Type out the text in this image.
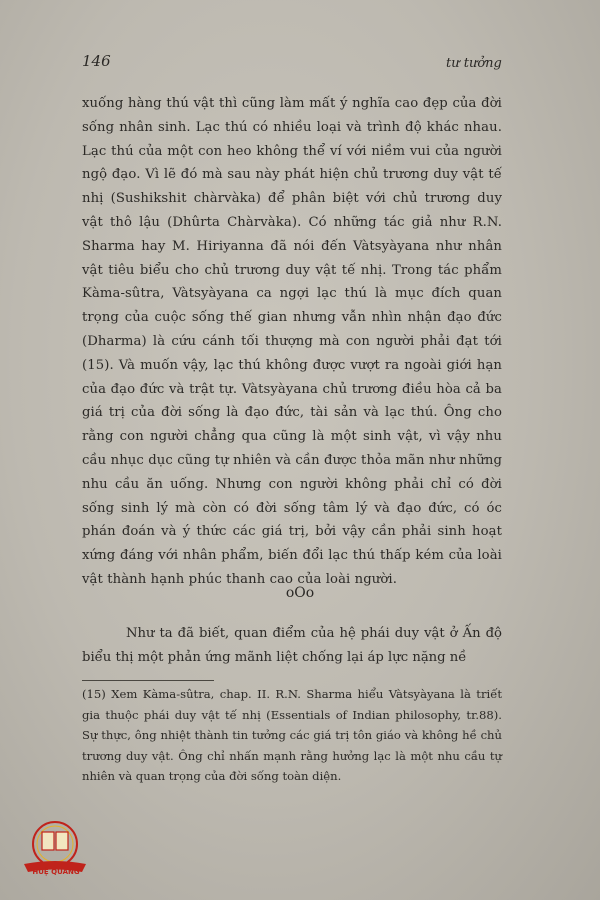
146	tư tưởng

xuống hàng thú vật thì cũng làm mất ý nghĩa cao đẹp của đời sống nhân sinh. Lạc thú có nhiều loại và trình độ khác nhau. Lạc thú của một con heo không thể ví với niềm vui của người ngộ đạo. Vì lẽ đó mà sau này phát hiện chủ trương duy vật tế nhị (Sushikshit chàrvàka) để phân biệt với chủ trương duy vật thô lậu (Dhûrta Chàrvàka). Có những tác giả như R.N. Sharma hay M. Hiriyanna đã nói đến Vàtsyàyana như nhân vật tiêu biểu cho chủ trương duy vật tế nhị. Trong tác phẩm Kàma-sûtra, Vàtsyàyana ca ngợi lạc thú là mục đích quan trọng của cuộc sống thế gian nhưng vẫn nhìn nhận đạo đức (Dharma) là cứu cánh tối thượng mà con người phải đạt tới (15). Và muốn vậy, lạc thú không được vượt ra ngoài giới hạn của đạo đức và trật tự. Vàtsyàyana chủ trương điều hòa cả ba giá trị của đời sống là đạo đức, tài sản và lạc thú. Ông cho rằng con người chẳng qua cũng là một sinh vật, vì vậy nhu cầu nhục dục cũng tự nhiên và cần được thỏa mãn như những nhu cầu ăn uống. Nhưng con người không phải chỉ có đời sống sinh lý mà còn có đời sống tâm lý và đạo đức, có óc phán đoán và ý thức các giá trị, bởi vậy cần phải sinh hoạt xứng đáng với nhân phẩm, biến đổi lạc thú thấp kém của loài vật thành hạnh phúc thanh cao của loài người.

oOo

Như ta đã biết, quan điểm của hệ phái duy vật ở Ấn độ biểu thị một phản ứng mãnh liệt chống lại áp lực nặng nề

(15) Xem Kàma-sûtra, chap. II. R.N. Sharma hiểu Vàtsyàyana là triết gia thuộc phái duy vật tế nhị (Essentials of Indian philosophy, tr.88). Sự thực, ông nhiệt thành tin tưởng các giá trị tôn giáo và không hề chủ trương duy vật. Ông chỉ nhấn mạnh rằng hưởng lạc là một nhu cầu tự nhiên và quan trọng của đời sống toàn diện.

HUỆ QUANG
